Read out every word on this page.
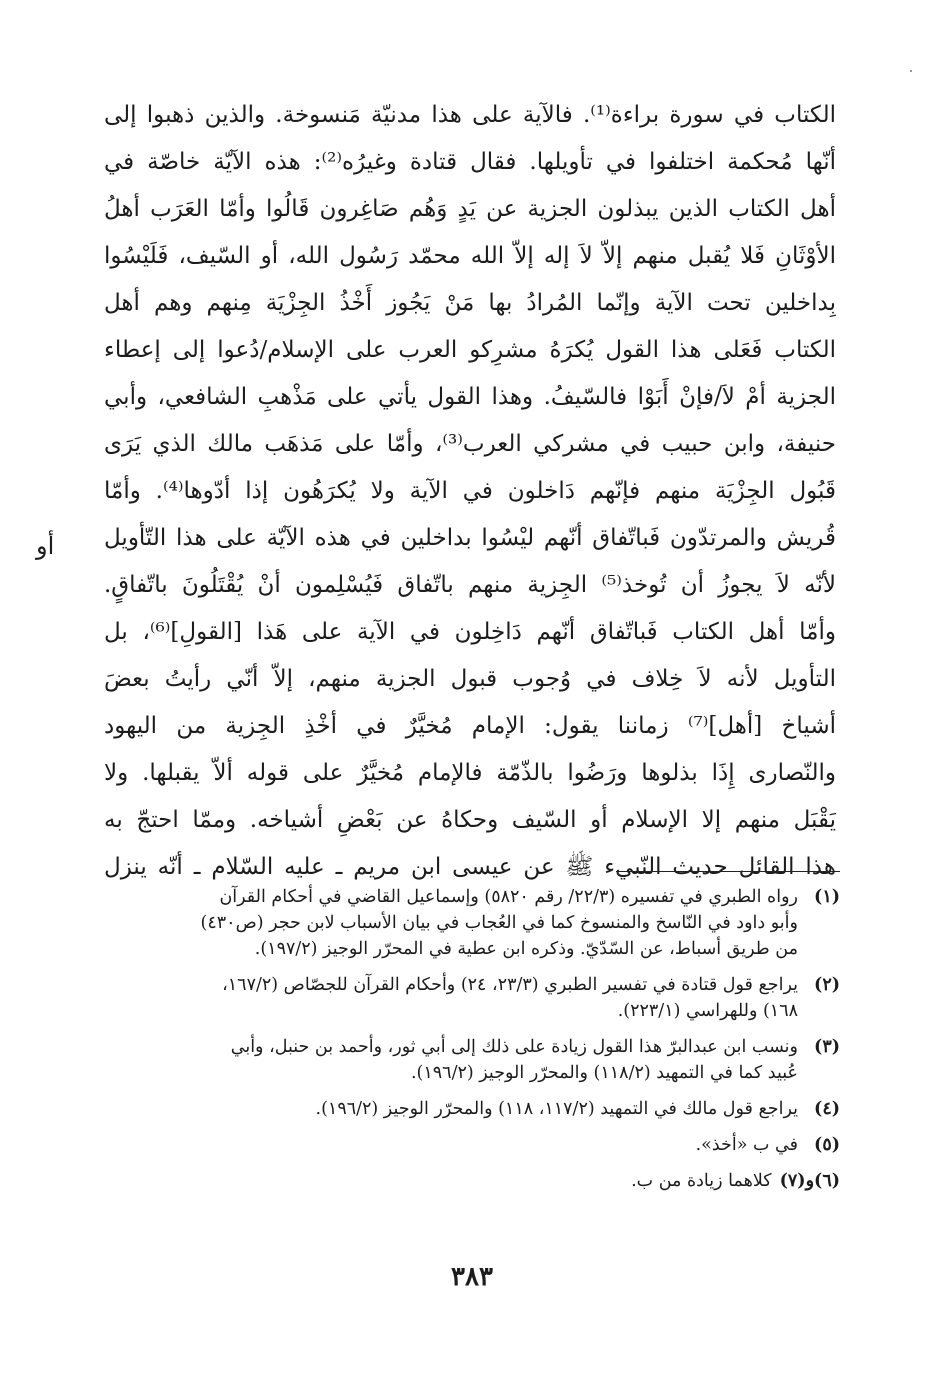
الكتاب في سورة براءة⁽¹⁾. فالآية على هذا مدنيّة مَنسوخة. والذين ذهبوا إلى
أنّها مُحكمة اختلفوا في تأويلها. فقال قتادة وغيرُه⁽²⁾: هذه الآيّة خاصّة في
أهل الكتاب الذين يبذلون الجزية عن يَدٍ وَهُم صَاغِرون قَالُوا وأمّا العَرَب أهلُ
الأوْثَانِ فَلا يُقبل منهم إلاّ لاَ إله إلاّ الله محمّد رَسُول الله، أو السّيف، فَلَيْسُوا
بِداخلين تحت الآية وإنّما المُرادُ بها مَنْ يَجُوز أَخْذُ الجِزْيَة مِنهم وهم أهل
الكتاب فَعَلى هذا القول يُكرَهُ مشرِكو العرب على الإسلام/دُعوا إلى إعطاء
الجزية أمْ لاَ/فإنْ أَبَوْا فالسّيفُ. وهذا القول يأتي على مَذْهبِ الشافعي، وأبي
حنيفة، وابن حبيب في مشركي العرب⁽³⁾، وأمّا على مَذهَب مالك الذي يَرَى
قَبُول الجِزْيَة منهم فإنّهم دَاخلون في الآية ولا يُكرَهُون إذا أدّوها⁽⁴⁾. وأمّا
قُريش والمرتدّون فَباتّفاق أنّهم ليْسُوا بداخلين في هذه الآيّة على هذا التّأويل
لأنّه لاَ يجوزُ أن تُوخذ⁽⁵⁾ الجِزية منهم باتّفاق فَيُسْلِمون أنْ يُقْتَلُونَ باتّفاقٍ.
وأمّا أهل الكتاب فَباتّفاق أنّهم دَاخِلون في الآية على هَذا [القولِ]⁽⁶⁾، بل
التأويل لأنه لاَ خِلاف في وُجوب قبول الجزية منهم، إلاّ أنّي رأيتُ بعضَ
أشياخ [أهل]⁽⁷⁾ زماننا يقول: الإمام مُخيَّرٌ في أخْذِ الجِزية من اليهود
والنّصارى إِذَا بذلوها ورَضُوا بالذّمّة فالإمام مُخيَّرٌ على قوله ألاّ يقبلها. ولا
يَقْبَل منهم إلا الإسلام أو السّيف وحكاهُ عن بَعْضِ أشياخه. وممّا احتجّ به
هذا القائل حديث النّبيء ﷺ عن عيسى ابن مريم ـ عليه السّلام ـ أنّه ينزل
أو
(١)
رواه الطبري في تفسيره (٢٢/٣/ رقم ٥٨٢٠) وإسماعيل القاضي في أحكام القرآن
وأبو داود في النّاسخ والمنسوخ كما في العُجاب في بيان الأسباب لابن حجر (ص٤٣٠)
من طريق أسباط، عن السّدّيّ. وذكره ابن عطية في المحرّر الوجيز (١٩٧/٢).
(٢)
يراجع قول قتادة في تفسير الطبري (٢٣/٣، ٢٤) وأحكام القرآن للجصّاص (١٦٧/٢،
١٦٨) وللهراسي (٢٢٣/١).
(٣)
ونسب ابن عبدالبرّ هذا القول زيادة على ذلك إلى أبي ثور، وأحمد بن حنبل، وأبي
عُبيد كما في التمهيد (١١٨/٢) والمحرّر الوجيز (١٩٦/٢).
(٤)
يراجع قول مالك في التمهيد (١١٧/٢، ١١٨) والمحرّر الوجيز (١٩٦/٢).
(٥)
في ب «أخذ».
(٦)و(٧)
كلاهما زيادة من ب.
٣٨٣
